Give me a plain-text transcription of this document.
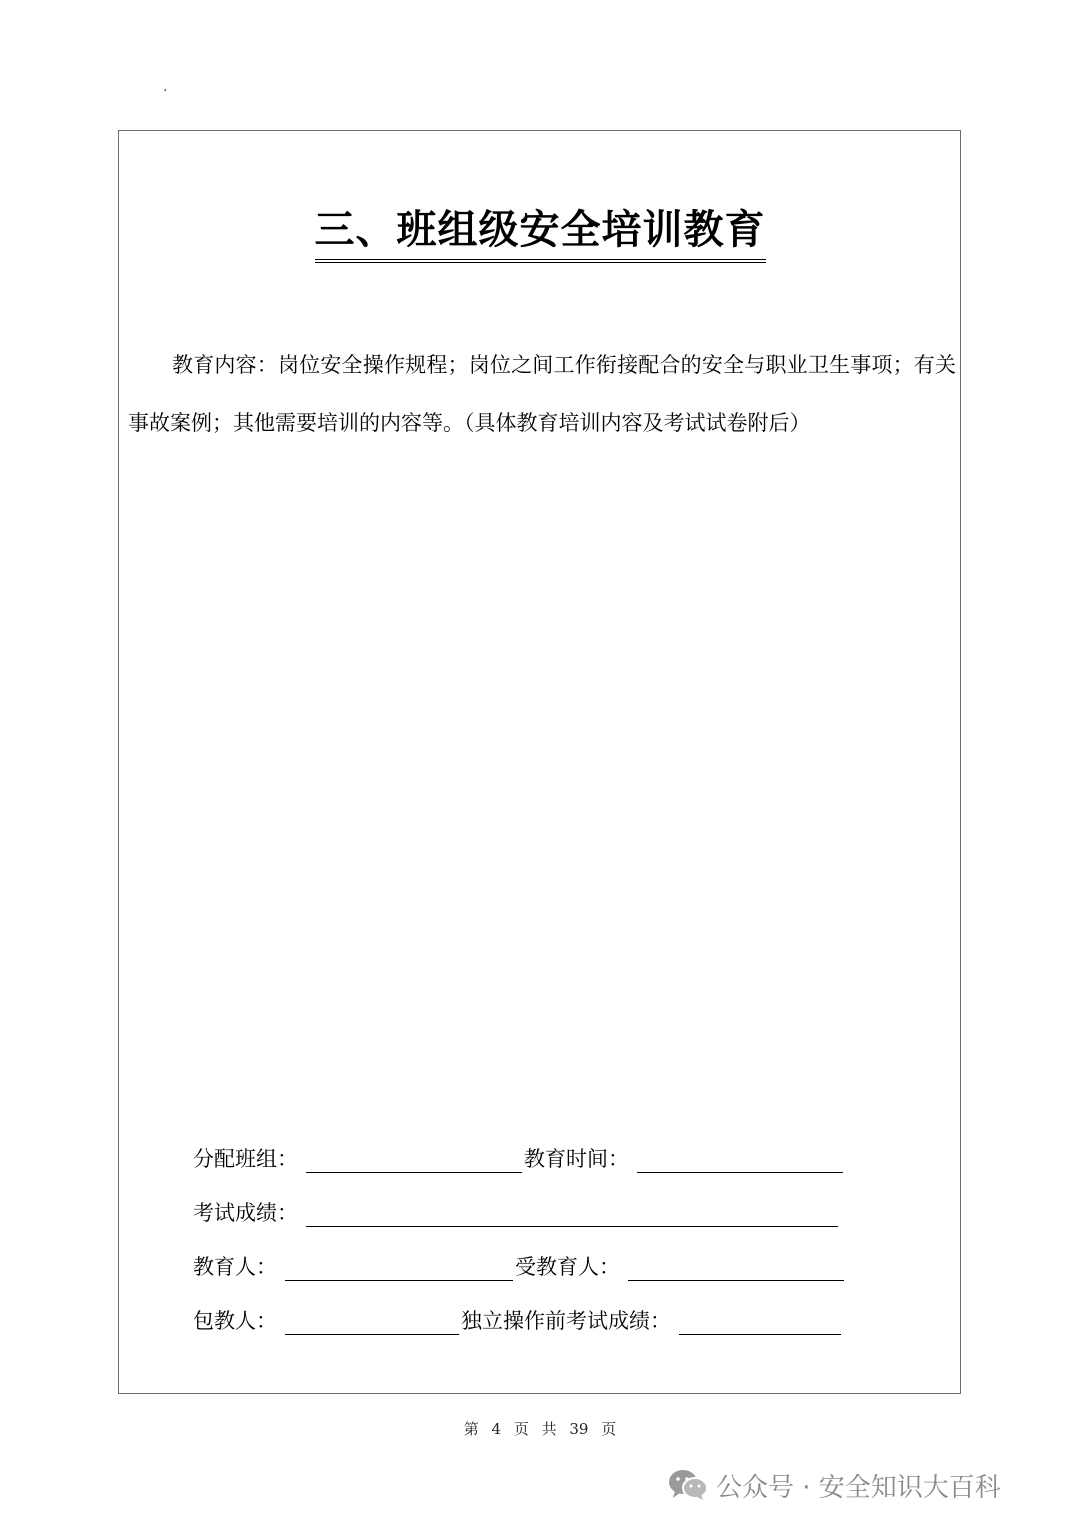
·
三、班组级安全培训教育
教育内容：岗位安全操作规程；岗位之间工作衔接配合的安全与职业卫生事项；有关事故案例；其他需要培训的内容等。（具体教育培训内容及考试试卷附后）
分配班组：	教育时间：
考试成绩：
教育人：	受教育人：
包教人：	独立操作前考试成绩：
第 4 页 共 39 页
公众号 · 安全知识大百科
